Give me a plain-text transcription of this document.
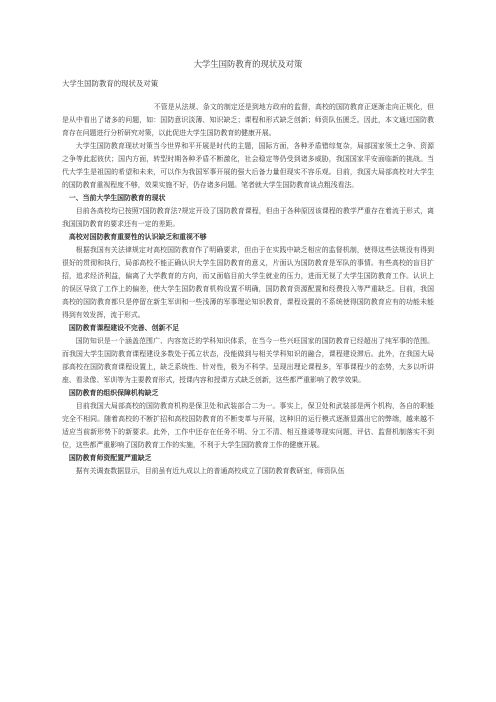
大学生国防教育的现状及对策
大学生国防教育的现状及对策

不管是从法规、条文的制定还是到地方政府的监督，高校的国防教育正逐渐走向正规化，但是从中看出了诸多的问题，如：国防意识淡薄、知识缺乏；课程和形式缺乏创新；师资队伍匮乏。因此，本文通过国防教育存在问题进行分析研究对策，以此促进大学生国防教育的健康开展。

大学生国防教育现状对策当今世界和平开展是时代的主题，国际方面，各种矛盾错综复杂，局部国家领土之争、资源之争等此起彼伏；国内方面，转型时期各种矛盾不断激化，社会稳定等仍受到诸多威胁，我国国家平安面临新的挑战。当代大学生是祖国的希望和未来，可以作为我国军事开展的强大后备力量但现实不容乐观。目前，我国大局部高校对大学生的国防教育重视程度不够，效果实施不好，仍存诸多问题。笔者就大学生国防教育谈点粗浅看法。

一、当前大学生国防教育的现状

目前各高校均已按照?国防教育法?规定开设了国防教育课程，但由于各种原因该课程的教学严重存在着流于形式，离我国国防教育的要求还有一定的差距。

高校对国防教育重要性的认识缺乏和重视不够

根据我国有关法律规定对高校国防教育作了明确要求，但由于在实践中缺乏相应的监督机制，使得这些法规没有得到很好的贯彻和执行，局部高校不能正确认识大学生国防教育的意义，片面认为国防教育是军队的事情。有些高校的盲目扩招，追求经济利益，偏离了大学教育的方向，而又面临目前大学生就业的压力，进而无视了大学生国防教育工作。认识上的误区导致了工作上的偏差，使大学生国防教育机构设置不明确，国防教育资源配置和经费投入等严重缺乏。目前，我国高校的国防教育都只是停留在新生军训和一些浅薄的军事理论知识教育，课程设置的不系统使得国防教育应有的功能未能得到有效发挥，流于形式。

国防教育课程建设不完善、创新不足

国防知识是一个涵盖范围广、内容宽泛的学科知识体系，在当今一些兴旺国家的国防教育已经超出了纯军事的范围。而我国大学生国防教育课程建设多数处于孤立状态，没能做到与相关学科知识的融合，课程建设滞后。此外，在我国大局部高校在国防教育课程设置上，缺乏系统性、针对性，极为不科学。呈现出理论课程多，军事课程少的态势，大多以听讲座、看录像、军训等为主要教育形式，授课内容和授课方式缺乏创新，这些都严重影响了教学效果。

国防教育的组织保障机构缺乏

目前我国大局部高校的国防教育机构是保卫处和武装部合二为一。事实上，保卫处和武装部是两个机构，各自的职能完全不相同。随着高校的不断扩招和高校国防教育的不断变革与开展，这种旧的运行模式逐渐显露出它的弊端，越来越不适应当前新形势下的新要求。此外，工作中还存在任务不明、分工不清、相互推诿等现实问题，评估、监督机制落实不到位，这些都严重影响了国防教育工作的实施，不利于大学生国防教育工作的健康开展。

国防教育师资配置严重缺乏

据有关调查数据显示，目前虽有近九成以上的普通高校成立了国防教育教研室，师资队伍
